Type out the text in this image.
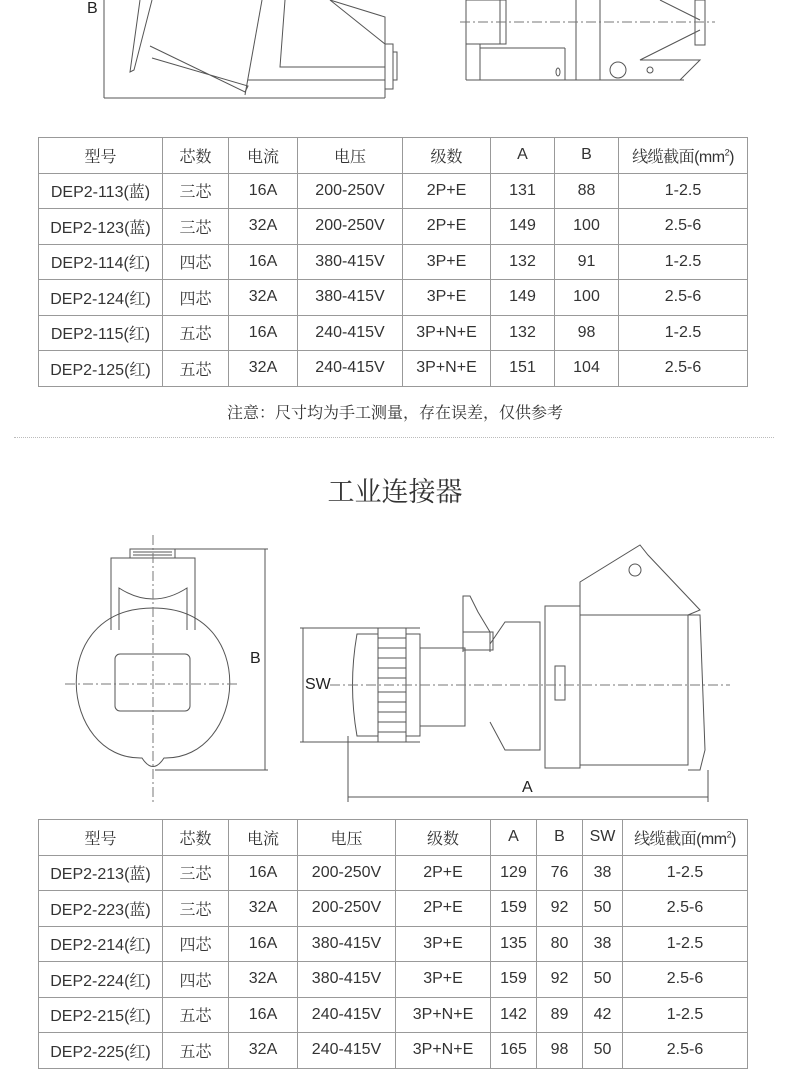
B
型号	芯数	电流	电压	级数	A	B	线缆截面$(mm^2)$
DEP2-113(蓝)	三芯	16A	200-250V	2P+E	131	88	1-2.5
DEP2-123(蓝)	三芯	32A	200-250V	2P+E	149	100	2.5-6
DEP2-114(红)	四芯	16A	380-415V	3P+E	132	91	1-2.5
DEP2-124(红)	四芯	32A	380-415V	3P+E	149	100	2.5-6
DEP2-115(红)	五芯	16A	240-415V	3P+N+E	132	98	1-2.5
DEP2-125(红)	五芯	32A	240-415V	3P+N+E	151	104	2.5-6
注意：尺寸均为手工测量，存在误差，仅供参考
工业连接器
B
SW
A
型号	芯数	电流	电压	级数	A	B	SW	线缆截面$(mm^2)$
DEP2-213(蓝)	三芯	16A	200-250V	2P+E	129	76	38	1-2.5
DEP2-223(蓝)	三芯	32A	200-250V	2P+E	159	92	50	2.5-6
DEP2-214(红)	四芯	16A	380-415V	3P+E	135	80	38	1-2.5
DEP2-224(红)	四芯	32A	380-415V	3P+E	159	92	50	2.5-6
DEP2-215(红)	五芯	16A	240-415V	3P+N+E	142	89	42	1-2.5
DEP2-225(红)	五芯	32A	240-415V	3P+N+E	165	98	50	2.5-6
